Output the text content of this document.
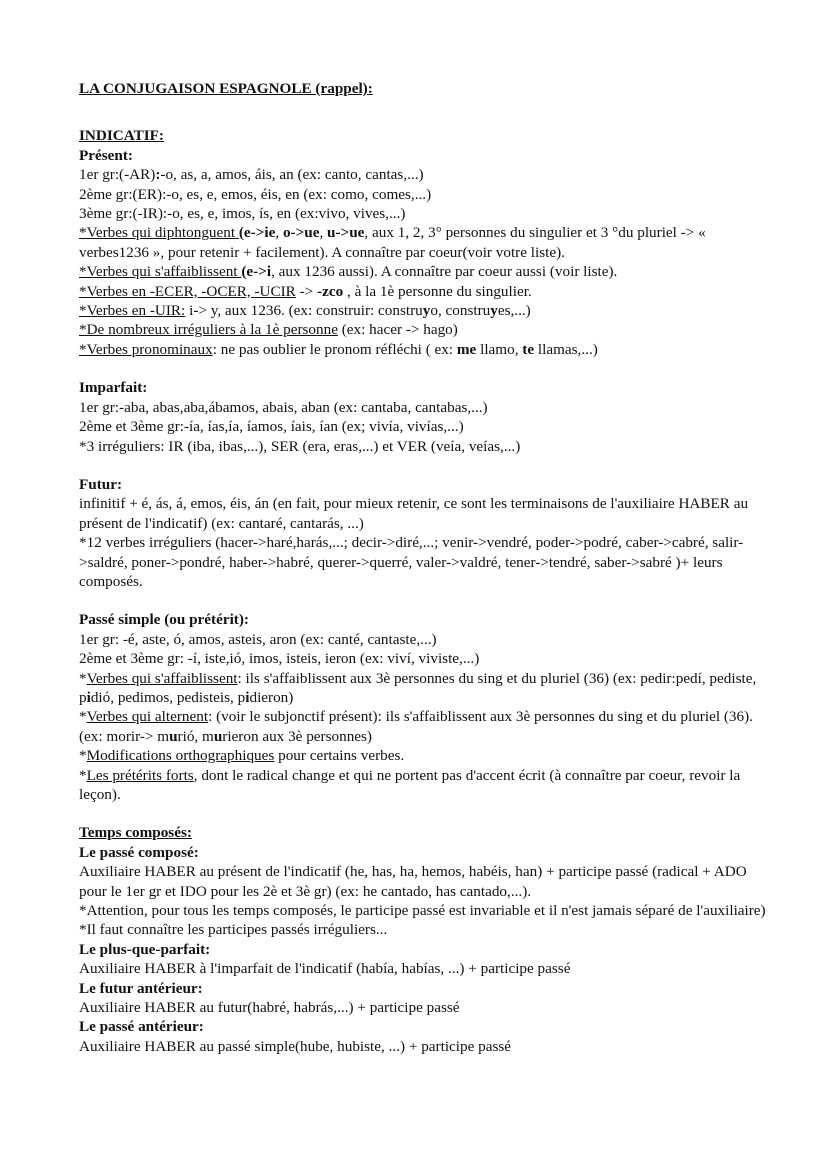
LA CONJUGAISON ESPAGNOLE (rappel):
INDICATIF:
Présent:
1er gr:(-AR):-o, as, a, amos, áis, an (ex: canto, cantas,...)
2ème gr:(ER):-o, es, e, emos, éis, en (ex: como, comes,...)
3ème gr:(-IR):-o, es, e, imos, ís, en (ex:vivo, vives,...)
*Verbes qui diphtonguent (e->ie, o->ue, u->ue, aux 1, 2, 3° personnes du singulier et 3 °du pluriel -> « verbes1236 », pour retenir + facilement). A connaître par coeur(voir votre liste).
*Verbes qui s'affaiblissent (e->i, aux 1236 aussi). A connaître par coeur aussi (voir liste).
*Verbes en -ECER, -OCER, -UCIR -> -zco , à la 1è personne du singulier.
*Verbes en -UIR: i-> y, aux 1236. (ex: construir: construyo, construyes,...)
*De nombreux irréguliers à la 1è personne (ex: hacer -> hago)
*Verbes pronominaux: ne pas oublier le pronom réfléchi ( ex: me llamo, te llamas,...)
Imparfait:
1er gr:-aba, abas,aba,ábamos, abais, aban (ex: cantaba, cantabas,...)
2ème et 3ème gr:-ía, ías,ía, íamos, íais, ían (ex; vivía, vivías,...)
*3 irréguliers: IR (iba, ibas,...), SER (era, eras,...) et VER (veía, veías,...)
Futur:
infinitif + é, ás, á, emos, éis, án (en fait, pour mieux retenir, ce sont les terminaisons de l'auxiliaire HABER au présent de l'indicatif) (ex: cantaré, cantarás, ...)
*12 verbes irréguliers (hacer->haré,harás,...; decir->diré,...; venir->vendré, poder->podré, caber->cabré, salir->saldré, poner->pondré, haber->habré, querer->querré, valer->valdré, tener->tendré, saber->sabré )+ leurs composés.
Passé simple (ou prétérit):
1er gr: -é, aste, ó, amos, asteis, aron (ex: canté, cantaste,...)
2ème et 3ème gr: -í, iste,ió, imos, isteis, ieron (ex: viví, viviste,...)
*Verbes qui s'affaiblissent: ils s'affaiblissent aux 3è personnes du sing et du pluriel (36) (ex: pedir:pedí, pediste, pidió, pedimos, pedisteis, pidieron)
*Verbes qui alternent: (voir le subjonctif présent): ils s'affaiblissent aux 3è personnes du sing et du pluriel (36).(ex: morir-> murió, murieron aux 3è personnes)
*Modifications orthographiques pour certains verbes.
*Les prétérits forts, dont le radical change et qui ne portent pas d'accent écrit (à connaître par coeur, revoir la leçon).
Temps composés:
Le passé composé:
Auxiliaire HABER au présent de l'indicatif (he, has, ha, hemos, habéis, han) + participe passé (radical + ADO pour le 1er gr et IDO pour les 2è et 3è gr) (ex: he cantado, has cantado,...).
*Attention, pour tous les temps composés, le participe passé est invariable et il n'est jamais séparé de l'auxiliaire)
*Il faut connaître les participes passés irréguliers...
Le plus-que-parfait:
Auxiliaire HABER à l'imparfait de l'indicatif (había, habías, ...) + participe passé
Le futur antérieur:
Auxiliaire HABER au futur(habré, habrás,...) + participe passé
Le passé antérieur:
Auxiliaire HABER au passé simple(hube, hubiste, ...) + participe passé
